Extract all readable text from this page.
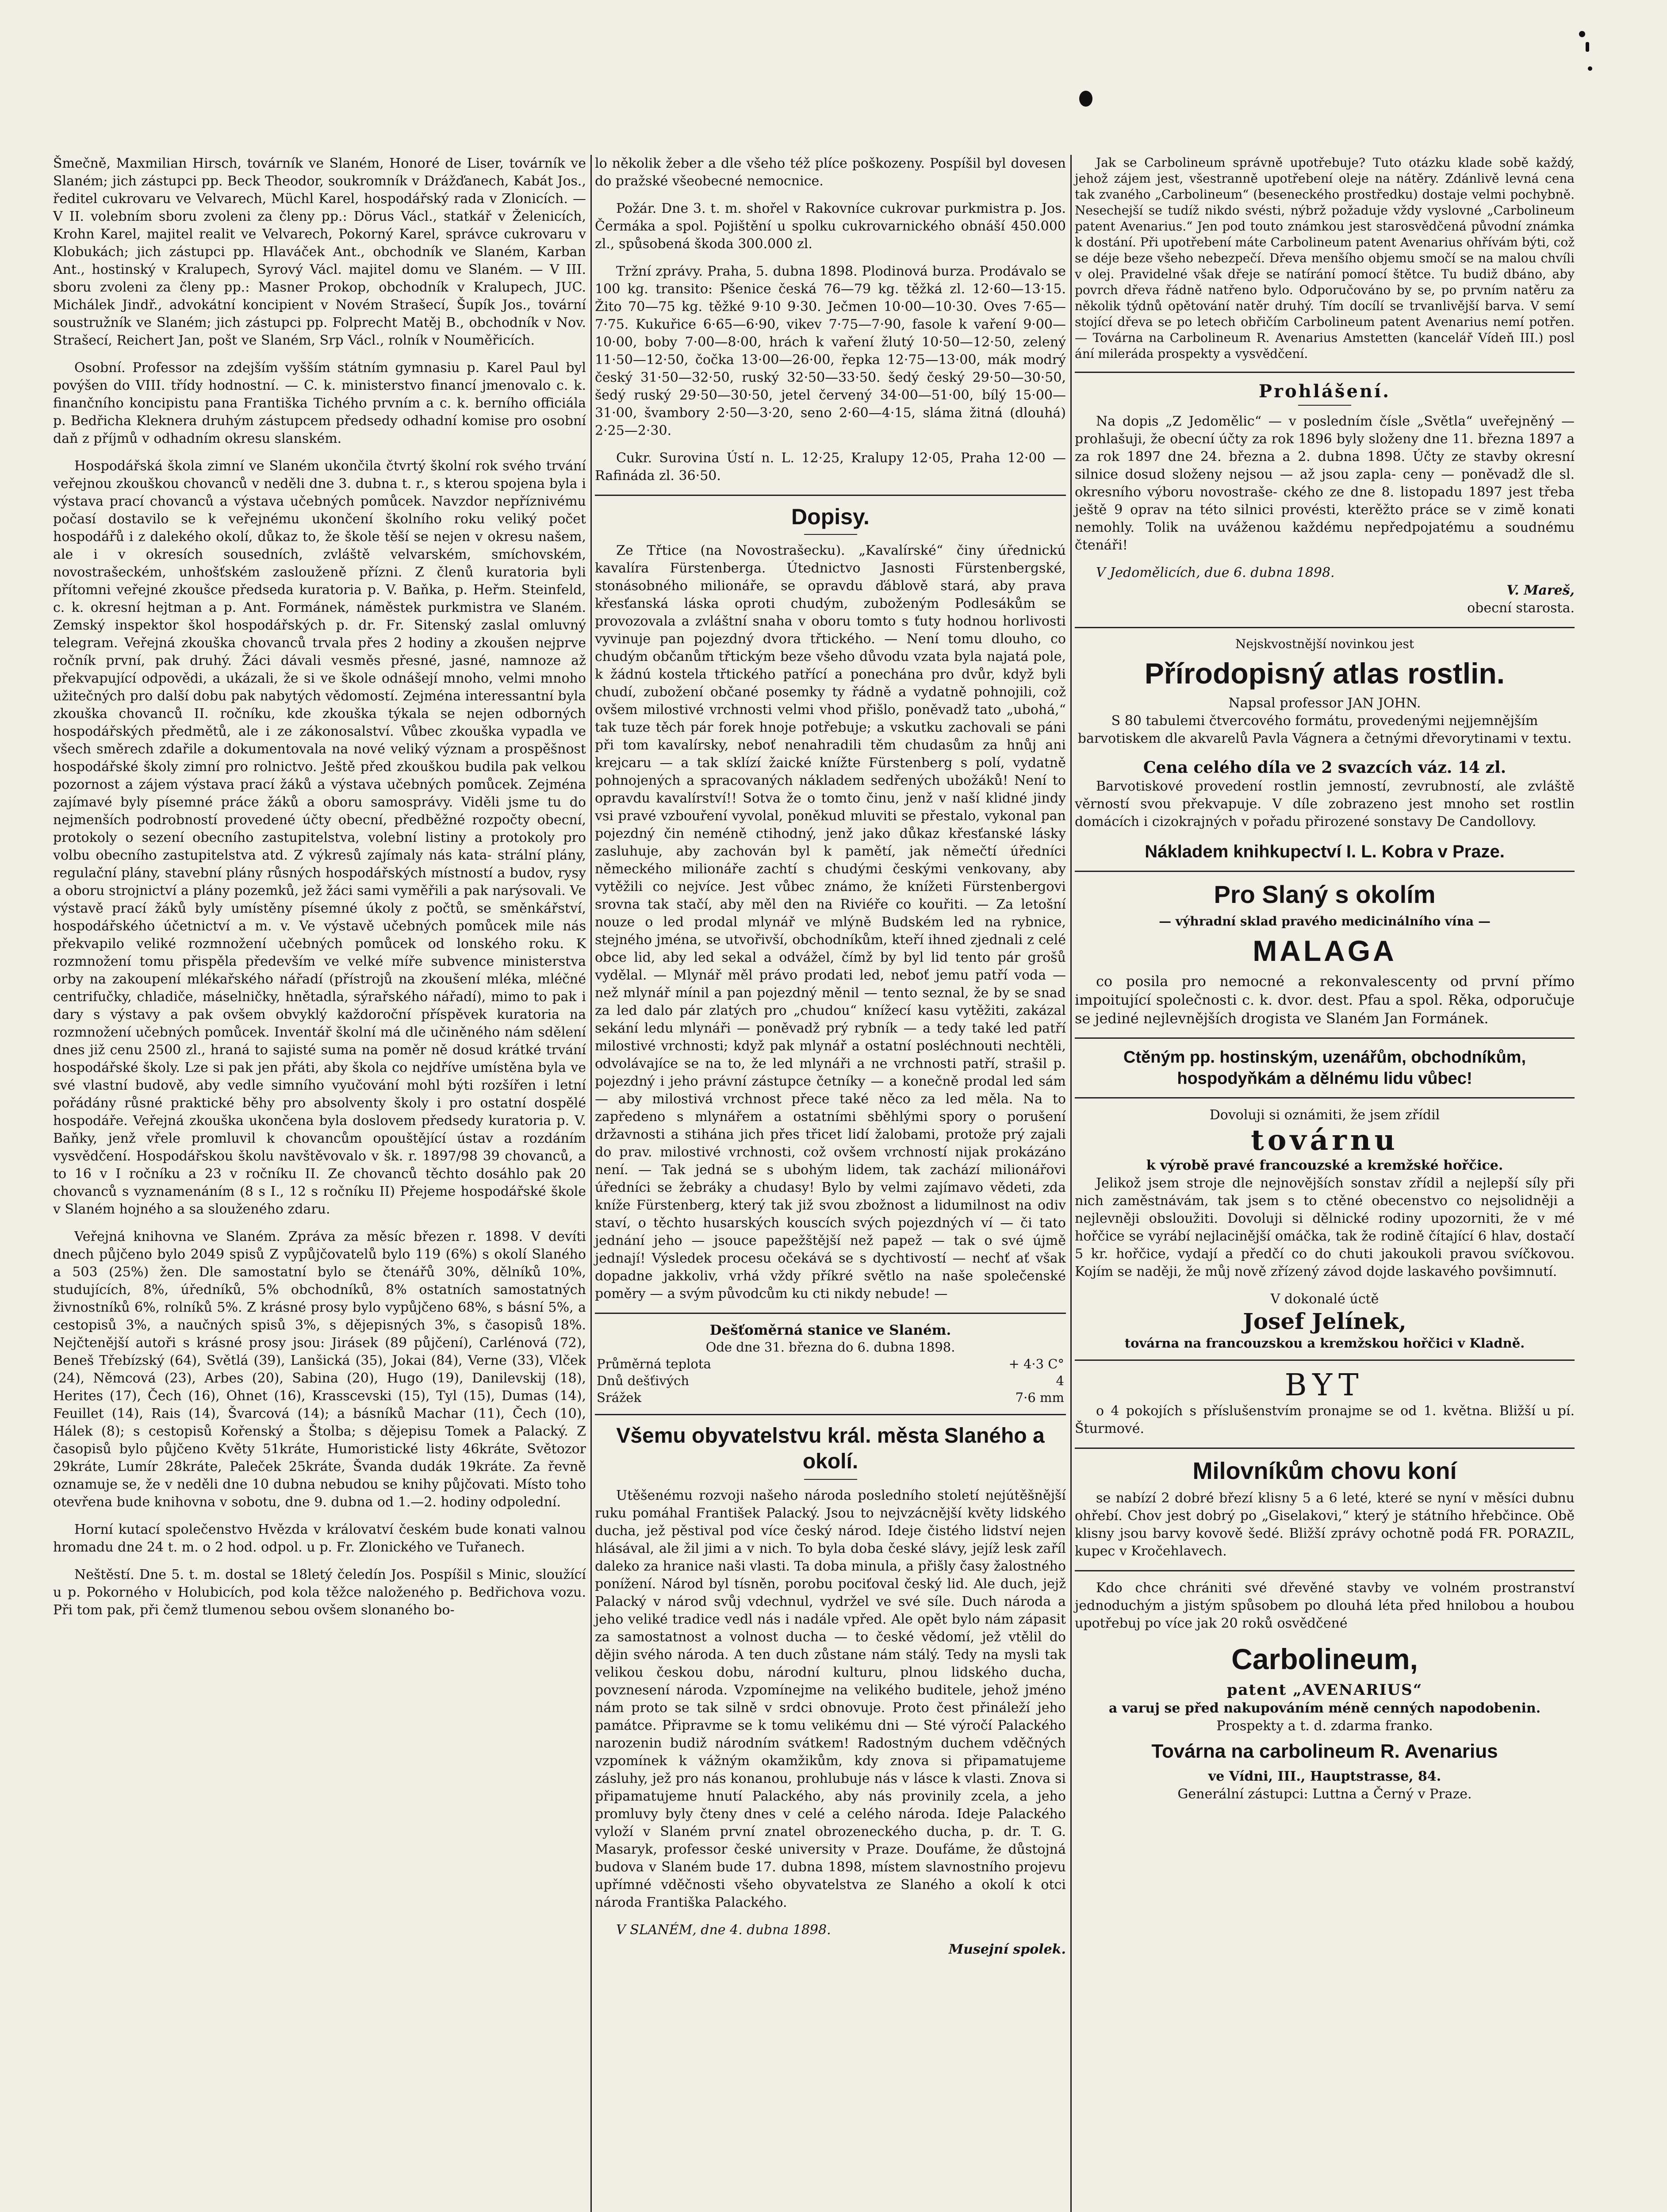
Šmečně, Maxmilian Hirsch, továrník ve Slaném, Honoré de Liser, továrník ve Slaném; jich zástupci pp. Beck Theodor, soukromník v Drážďanech, Kabát Jos., ředitel cukrovaru ve Velvarech, Müchl Karel, hospodářský rada v Zlonicích. — V II. volebním sboru zvoleni za členy pp.: Dörus Václ., statkář v Želenicích, Krohn Karel, majitel realit ve Velvarech, Pokorný Karel, správce cukrovaru v Klobukách; jich zástupci pp. Hlaváček Ant., obchodník ve Slaném, Karban Ant., hostinský v Kralupech, Syrový Václ. majitel domu ve Slaném. — V III. sboru zvoleni za členy pp.: Masner Prokop, obchodník v Kralupech, JUC. Michálek Jindř., advokátní koncipient v Novém Strašecí, Šupík Jos., tovární soustružník ve Slaném; jich zástupci pp. Folprecht Matěj B., obchodník v Nov. Strašecí, Reichert Jan, pošt ve Slaném, Srp Václ., rolník v Nouměřicích.

Osobní. Professor na zdejším vyšším státním gymnasiu p. Karel Paul byl povýšen do VIII. třídy hodnostní. — C. k. ministerstvo financí jmenovalo c. k. finančního koncipistu pana Františka Tichého prvním a c. k. berního officiála p. Bedřicha Kleknera druhým zástupcem předsedy odhadní komise pro osobní daň z příjmů v odhadním okresu slanském.

Hospodářská škola zimní ve Slaném ukončila čtvrtý školní rok svého trvání veřejnou zkouškou chovanců v neděli dne 3. dubna t. r., s kterou spojena byla i výstava prací chovanců a výstava učebných pomůcek. Navzdor nepříznivému počasí dostavilo se k veřejnému ukončení školního roku veliký počet hospodářů i z dalekého okolí, důkaz to, že škole těší se nejen v okresu našem, ale i v okresích sousedních, zvláště velvarském, smíchovském, novostrašeckém, unhošťském zaslouženě přízni. Z členů kuratoria byli přítomni veřejné zkoušce předseda kuratoria p. V. Baňka, p. Heřm. Steinfeld, c. k. okresní hejtman a p. Ant. Formánek, náměstek purkmistra ve Slaném. Zemský inspektor škol hospodářských p. dr. Fr. Sitenský zaslal omluvný telegram. Veřejná zkouška chovanců trvala přes 2 hodiny a zkoušen nejprve ročník první, pak druhý. Žáci dávali vesměs přesné, jasné, namnoze až překvapující odpovědi, a ukázali, že si ve škole odnášejí mnoho, velmi mnoho užitečných pro další dobu pak nabytých vědomostí. Zejména interessantní byla zkouška chovanců II. ročníku, kde zkouška týkala se nejen odborných hospodářských předmětů, ale i ze zákonosalství. Vůbec zkouška vypadla ve všech směrech zdařile a dokumentovala na nové veliký význam a prospěšnost hospodářské školy zimní pro rolnictvo. Ještě před zkouškou budila pak velkou pozornost a zájem výstava prací žáků a výstava učebných pomůcek. Zejména zajímavé byly písemné práce žáků a oboru samosprávy. Viděli jsme tu do nejmenších podrobností provedené účty obecní, předběžné rozpočty obecní, protokoly o sezení obecního zastupitelstva, volební listiny a protokoly pro volbu obecního zastupitelstva atd. Z výkresů zajímaly nás kata- strální plány, regulační plány, stavební plány růsných hospodářských místností a budov, rysy a oboru strojnictví a plány pozemků, jež žáci sami vyměřili a pak narýsovali. Ve výstavě prací žáků byly umístěny písemné úkoly z počtů, se směnkářství, hospodářského účetnictví a m. v. Ve výstavě učebných pomůcek mile nás překvapilo veliké rozmnožení učebných pomůcek od lonského roku. K rozmnožení tomu přispěla především ve velké míře subvence ministerstva orby na zakoupení mlékařského nářadí (přístrojů na zkoušení mléka, mléčné centrifučky, chladiče, máselničky, hnětadla, sýrařského nářadí), mimo to pak i dary s výstavy a pak ovšem obvyklý každoroční příspěvek kuratoria na rozmnožení učebných pomůcek. Inventář školní má dle učiněného nám sdělení dnes již cenu 2500 zl., hraná to sajisté suma na poměr ně dosud krátké trvání hospodářské školy. Lze si pak jen přáti, aby škola co nejdříve umístěna byla ve své vlastní budově, aby vedle simního vyučování mohl býti rozšířen i letní pořádány růsné praktické běhy pro absolventy školy i pro ostatní dospělé hospodáře. Veřejná zkouška ukončena byla doslovem předsedy kuratoria p. V. Baňky, jenž vřele promluvil k chovancům opouštějící ústav a rozdáním vysvědčení. Hospodářskou školu navštěvovalo v šk. r. 1897/98 39 chovanců, a to 16 v I ročníku a 23 v ročníku II. Ze chovanců těchto dosáhlo pak 20 chovanců s vyznamenáním (8 s I., 12 s ročníku II) Přejeme hospodářské škole v Slaném hojného a sa slouženého zdaru.

Veřejná knihovna ve Slaném. Zpráva za měsíc březen r. 1898. V devíti dnech půjčeno bylo 2049 spisů Z vypůjčovatelů bylo 119 (6%) s okolí Slaného a 503 (25%) žen. Dle samostatní bylo se čtenářů 30%, dělníků 10%, studujících, 8%, úředníků, 5% obchodníků, 8% ostatních samostatných živnostníků 6%, rolníků 5%. Z krásné prosy bylo vypůjčeno 68%, s básní 5%, a cestopisů 3%, a naučných spisů 3%, s dějepisných 3%, s časopisů 18%. Nejčtenější autoři s krásné prosy jsou: Jirásek (89 půjčení), Carlénová (72), Beneš Třebízský (64), Světlá (39), Lanšická (35), Jokai (84), Verne (33), Vlček (24), Němcová (23), Arbes (20), Sabina (20), Hugo (19), Danilevskij (18), Herites (17), Čech (16), Ohnet (16), Krasscevski (15), Tyl (15), Dumas (14), Feuillet (14), Rais (14), Švarcová (14); a básníků Machar (11), Čech (10), Hálek (8); s cestopisů Kořenský a Štolba; s dějepisu Tomek a Palacký. Z časopisů bylo půjčeno Květy 51kráte, Humoristické listy 46kráte, Světozor 29kráte, Lumír 28kráte, Paleček 25kráte, Švanda dudák 19kráte. Za řevně oznamuje se, že v neděli dne 10 dubna nebudou se knihy půjčovati. Místo toho otevřena bude knihovna v sobotu, dne 9. dubna od 1.—2. hodiny odpolední.

Horní kutací společenstvo Hvězda v královatví českém bude konati valnou hromadu dne 24 t. m. o 2 hod. odpol. u p. Fr. Zlonického ve Tuřanech.

Neštěstí. Dne 5. t. m. dostal se 18letý čeledín Jos. Pospíšil s Minic, sloužící u p. Pokorného v Holubicích, pod kola těžce naloženého p. Bedřichova vozu. Při tom pak, při čemž tlumenou sebou ovšem slonaného bo-

lo několik žeber a dle všeho též plíce poškozeny. Pospíšil byl dovesen do pražské všeobecné nemocnice.

Požár. Dne 3. t. m. shořel v Rakovníce cukrovar purkmistra p. Jos. Čermáka a spol. Pojištění u spolku cukrovarnického obnáší 450.000 zl., spůsobená škoda 300.000 zl.

Tržní zprávy. Praha, 5. dubna 1898. Plodinová burza. Prodávalo se 100 kg. transito: Pšenice česká 76—79 kg. těžká zl. 12·60—13·15. Žito 70—75 kg. těžké 9·10 9·30. Ječmen 10·00—10·30. Oves 7·65—7·75. Kukuřice 6·65—6·90, vikev 7·75—7·90, fasole k vaření 9·00—10·00, boby 7·00—8·00, hrách k vaření žlutý 10·50—12·50, zelený 11·50—12·50, čočka 13·00—26·00, řepka 12·75—13·00, mák modrý český 31·50—32·50, ruský 32·50—33·50. šedý český 29·50—30·50, šedý ruský 29·50—30·50, jetel červený 34·00—51·00, bílý 15·00—31·00, švambory 2·50—3·20, seno 2·60—4·15, sláma žitná (dlouhá) 2·25—2·30.

Cukr. Surovina Ústí n. L. 12·25, Kralupy 12·05, Praha 12·00 — Rafináda zl. 36·50.

Dopisy.

Ze Třtice (na Novostrašecku). „Kavalírské“ činy úřednickú kavalíra Fürstenberga. Útednictvo Jasnosti Fürstenbergské, stonásobného milionáře, se opravdu ďáblově stará, aby prava křesťanská láska oproti chudým, zuboženým Podlesákům se provozovala a zvláštní snaha v oboru tomto s ťuty hodnou horlivosti vyvinuje pan pojezdný dvora třtického. — Není tomu dlouho, co chudým občanům třtickým beze všeho důvodu vzata byla najatá pole, k žádnú kostela třtického patřící a ponechána pro dvůr, když byli chudí, zubožení občané posemky ty řádně a vydatně pohnojili, což ovšem milostivé vrchnosti velmi vhod přišlo, poněvadž tato „ubohá,“ tak tuze těch pár forek hnoje potřebuje; a vskutku zachovali se páni při tom kavalírsky, neboť nenahradili těm chudasům za hnůj ani krejcaru — a tak sklízí žaické knížte Fürstenberg s polí, vydatně pohnojených a spracovaných nákladem sedřených ubožáků! Není to opravdu kavalírství!! Sotva že o tomto činu, jenž v naší klidné jindy vsi pravé vzbouření vyvolal, poněkud mluviti se přestalo, vykonal pan pojezdný čin neméně ctihodný, jenž jako důkaz křesťanské lásky zasluhuje, aby zachován byl k pamětí, jak němečtí úředníci německého milionáře zachtí s chudými českými venkovany, aby vytěžili co nejvíce. Jest vůbec známo, že knížeti Fürstenbergovi srovna tak stačí, aby měl den na Riviéře co kouřiti. — Za letošní nouze o led prodal mlynář ve mlýně Budském led na rybnice, stejného jména, se utvořivší, obchodníkům, kteří ihned zjednali z celé obce lid, aby led sekal a odvážel, čímž by byl lid tento pár grošů vydělal. — Mlynář měl právo prodati led, neboť jemu patří voda — než mlynář mínil a pan pojezdný měnil — tento seznal, že by se snad za led dalo pár zlatých pro „chudou“ knížecí kasu vytěžiti, zakázal sekání ledu mlynáři — poněvadž prý rybník — a tedy také led patří milostivé vrchnosti; když pak mlynář a ostatní posléchnouti nechtěli, odvolávajíce se na to, že led mlynáři a ne vrchnosti patří, strašil p. pojezdný i jeho právní zástupce četníky — a konečně prodal led sám — aby milostivá vrchnost přece také něco za led měla. Na to zapředeno s mlynářem a ostatními sběhlými spory o porušení državnosti a stihána jich přes třicet lidí žalobami, protože prý zajali do prav. milostivé vrchnosti, což ovšem vrchností nijak prokázáno není. — Tak jedná se s ubohým lidem, tak zachází milionářovi úředníci se žebráky a chudasy! Bylo by velmi zajímavo vědeti, zda kníže Fürstenberg, který tak již svou zbožnost a lidumilnost na odiv staví, o těchto husarských kouscích svých pojezdných ví — či tato jednání jeho — jsouce papežštější než papež — tak o své újmě jednají! Výsledek procesu očekává se s dychtivostí — nechť ať však dopadne jakkoliv, vrhá vždy příkré světlo na naše společenské poměry — a svým původcům ku cti nikdy nebude! —

Dešťoměrná stanice ve Slaném.
Ode dne 31. března do 6. dubna 1898.
Průměrná teplota	+ 4·3 C°
Dnů dešťivých	4
Srážek	7·6 mm
Všemu obyvatelstvu král. města Slaného a okolí.

Utěšenému rozvoji našeho národa posledního století nejútěšnější ruku pomáhal František Palacký. Jsou to nejvzácnější květy lidského ducha, jež pěstival pod více český národ. Ideje čistého lidství nejen hlásával, ale žil jimi a v nich. To byla doba české slávy, jejíž lesk zaříl daleko za hranice naši vlasti. Ta doba minula, a přišly časy žalostného ponížení. Národ byl tísněn, porobu pociťoval český lid. Ale duch, jejž Palacký v národ svůj vdechnul, vydržel ve své síle. Duch národa a jeho veliké tradice vedl nás i nadále vpřed. Ale opět bylo nám zápasit za samostatnost a volnost ducha — to české vědomí, jež vtělil do dějin svého národa. A ten duch zůstane nám stálý. Tedy na mysli tak velikou českou dobu, národní kulturu, plnou lidského ducha, povznesení národa. Vzpomínejme na velikého buditele, jehož jméno nám proto se tak silně v srdci obnovuje. Proto čest přináleží jeho památce. Připravme se k tomu velikému dni — Sté výročí Palackého narozenin budiž národním svátkem! Radostným duchem vděčných vzpomínek k vážným okamžikům, kdy znova si připamatujeme zásluhy, jež pro nás konanou, prohlubuje nás v lásce k vlasti. Znova si připamatujeme hnutí Palackého, aby nás provinily zcela, a jeho promluvy byly čteny dnes v celé a celého národa. Ideje Palackého vyloží v Slaném první znatel obrozeneckého ducha, p. dr. T. G. Masaryk, professor české university v Praze. Doufáme, že důstojná budova v Slaném bude 17. dubna 1898, místem slavnostního projevu upřímné vděčnosti všeho obyvatelstva ze Slaného a okolí k otci národa Františka Palackého.

V SLANÉM, dne 4. dubna 1898.
Musejní spolek.

Jak se Carbolineum správně upotřebuje? Tuto otázku klade sobě každý, jehož zájem jest, všestranně upotřebení oleje na nátěry. Zdánlivě levná cena tak zvaného „Carbolineum“ (beseneckého prostředku) dostaje velmi pochybně. Nesechejší se tudíž nikdo svésti, nýbrž požaduje vždy vyslovné „Carbolineum patent Avenarius.“ Jen pod touto známkou jest starosvědčená původní známka k dostání. Při upotřebení máte Carbolineum patent Avenarius ohřívám býti, což se déje beze všeho nebezpečí. Dřeva menšího objemu smočí se na malou chvíli v olej. Pravidelné však dřeje se natírání pomocí štětce. Tu budiž dbáno, aby povrch dřeva řádně natřeno bylo. Odporučováno by se, po prvním natěru za několik týdnů opětování natěr druhý. Tím docílí se trvanlivější barva. V semí stojící dřeva se po letech obřičím Carbolineum patent Avenarius nemí potřen. — Továrna na Carbolineum R. Avenarius Amstetten (kancelář Vídeň III.) posl ání mileráda prospekty a vysvědčení.

Prohlášení.

Na dopis „Z Jedomělic“ — v posledním čísle „Světla“ uveřejněný — prohlašuji, že obecní účty za rok 1896 byly složeny dne 11. března 1897 a za rok 1897 dne 24. března a 2. dubna 1898. Účty ze stavby okresní silnice dosud složeny nejsou — až jsou zapla- ceny — poněvadž dle sl. okresního výboru novostraše- ckého ze dne 8. listopadu 1897 jest třeba ještě 9 oprav na této silnici provésti, kterěžto práce se v zimě konati nemohly. Tolik na uváženou každému nepředpojatému a soudnému čtenáři!

V Jedomělicích, due 6. dubna 1898.
V. Mareš,
obecní starosta.
Nejskvostnější novinkou jest
Přírodopisný atlas rostlin.
Napsal professor JAN JOHN.

S 80 tabulemi čtvercového formátu, provedenými nejjemnějším barvotiskem dle akvarelů Pavla Vágnera a četnými dřevorytinami v textu.

Cena celého díla ve 2 svazcích váz. 14 zl.

Barvotiskové provedení rostlin jemností, zevrubností, ale zvláště věrností svou překvapuje. V díle zobrazeno jest mnoho set rostlin domácích i cizokrajných v pořadu přirozené sonstavy De Candollovy.

Nákladem knihkupectví I. L. Kobra v Praze.
Pro Slaný s okolím
— výhradní sklad pravého medicinálního vína —
MALAGA

co posila pro nemocné a rekonvalescenty od první přímo impoitující společnosti c. k. dvor. dest. Pfau a spol. Rěka, odporučuje se jediné nejlevnějších drogista ve Slaném Jan Formánek.

Ctěným pp. hostinským, uzenářům, obchodníkům, hospodyňkám a dělnému lidu vůbec!
Dovoluji si oznámiti, že jsem zřídil
továrnu
k výrobě pravé francouzské a kremžské hořčice.

Jelikož jsem stroje dle nejnovějších sonstav zřídil a nejlepší síly při nich zaměstnávám, tak jsem s to ctěné obecenstvo co nejsolidněji a nejlevněji obsloužiti. Dovoluji si dělnické rodiny upozorniti, že v mé hořčice se vyrábí nejlacinější omáčka, tak že rodině čítající 6 hlav, dostačí 5 kr. hořčice, vydají a předčí co do chuti jakoukoli pravou svíčkovou. Kojím se naději, že můj nově zřízený závod dojde laskavého povšimnutí.

V dokonalé úctě
Josef Jelínek,
továrna na francouzskou a kremžskou hořčici v Kladně.
BYT

o 4 pokojích s příslušenstvím pronajme se od 1. května. Bližší u pí. Šturmové.

Milovníkům chovu koní

se nabízí 2 dobré březí klisny 5 a 6 leté, které se nyní v měsíci dubnu ohřebí. Chov jest dobrý po „Giselakovi,“ který je státního hřebčince. Obě klisny jsou barvy kovově šedé. Bližší zprávy ochotně podá FR. PORAZIL, kupec v Kročehlavech.

Kdo chce chrániti své dřevěné stavby ve volném prostranství jednoduchým a jistým spůsobem po dlouhá léta před hnilobou a houbou upotřebuj po více jak 20 roků osvědčené

Carbolineum,
patent „AVENARIUS“
a varuj se před nakupováním méně cenných napodobenin.
Prospekty a t. d. zdarma franko.
Továrna na carbolineum R. Avenarius
ve Vídni, III., Hauptstrasse, 84.
Generální zástupci: Luttna a Černý v Praze.
